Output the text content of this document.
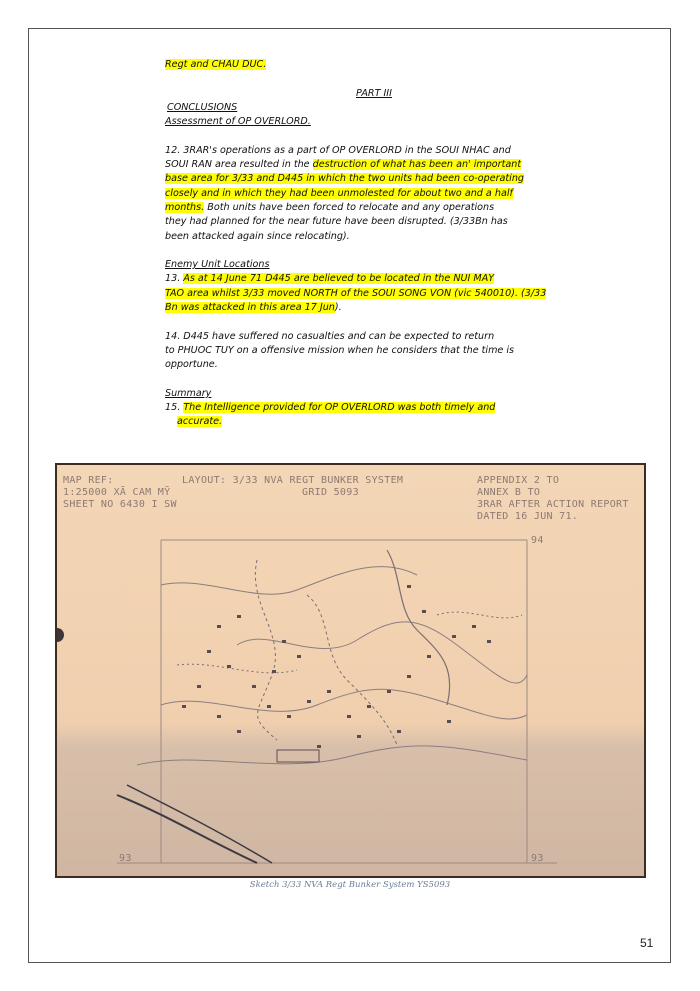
Regt and CHAU DUC.
PART III
CONCLUSIONS
Assessment of OP OVERLORD.
12. 3RAR's operations as a part of OP OVERLORD in the SOUI NHAC and
SOUI RAN area resulted in the destruction of what has been an' important
base area for 3/33 and D445 in which the two units had been co-operating
closely and in which they had been unmolested for about two and a half
months. Both units have been forced to relocate and any operations
they had planned for the near future have been disrupted. (3/33Bn has
been attacked again since relocating).
Enemy Unit Locations
13. As at 14 June 71 D445 are believed to be located in the NUI MAY
TAO area whilst 3/33 moved NORTH of the SOUI SONG VON (vic 540010). (3/33
Bn was attacked in this area 17 Jun).
14. D445 have suffered no casualties and can be expected to return
to PHUOC TUY on a offensive mission when he considers that the time is
opportune.
Summary
15. The Intelligence provided for OP OVERLORD was both timely and
accurate.
MAP REF:
1:25000 XÃ CAM MỸ
SHEET NO 6430 I SW
LAYOUT: 3/33 NVA REGT BUNKER SYSTEM
GRID 5093
APPENDIX 2 TO
ANNEX B TO
3RAR AFTER ACTION REPORT
DATED 16 JUN 71.
94
93	93
Sketch 3/33 NVA Regt Bunker System YS5093
51
